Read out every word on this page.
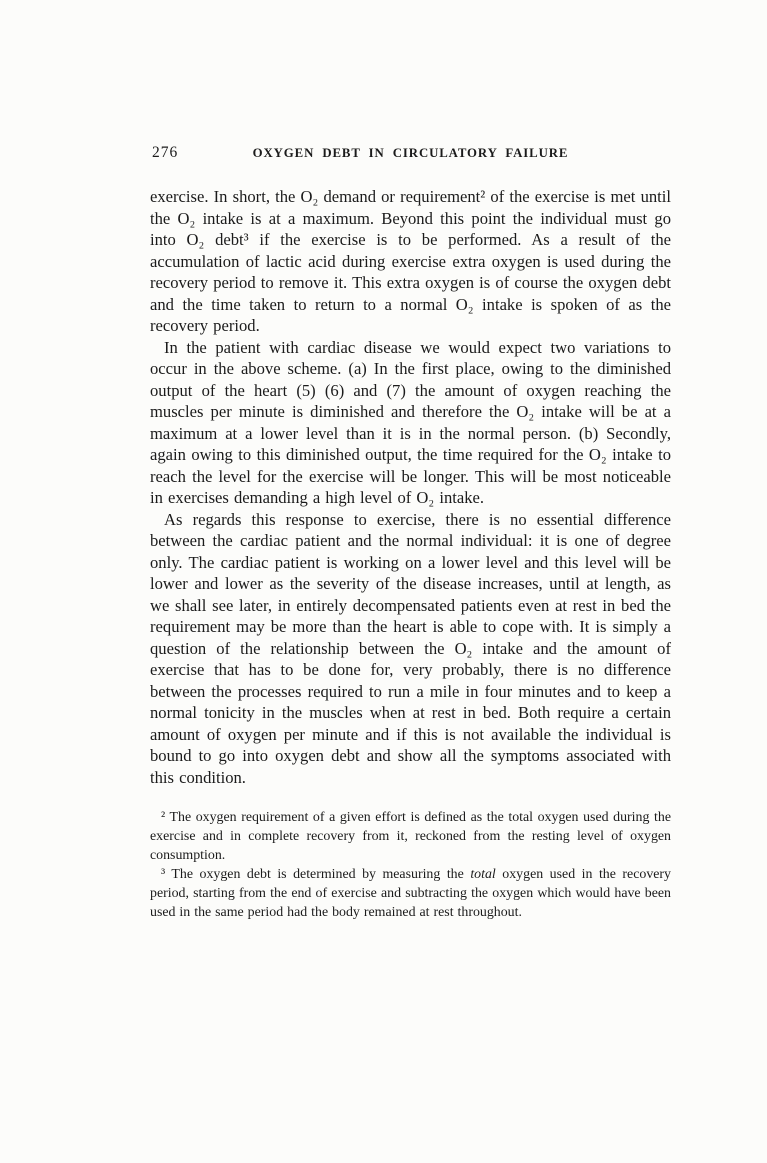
276	OXYGEN DEBT IN CIRCULATORY FAILURE

exercise. In short, the O₂ demand or requirement² of the exercise is met until the O₂ intake is at a maximum. Beyond this point the individual must go into O₂ debt³ if the exercise is to be performed. As a result of the accumulation of lactic acid during exercise extra oxygen is used during the recovery period to remove it. This extra oxygen is of course the oxygen debt and the time taken to return to a normal O₂ intake is spoken of as the recovery period.

In the patient with cardiac disease we would expect two variations to occur in the above scheme. (a) In the first place, owing to the diminished output of the heart (5) (6) and (7) the amount of oxygen reaching the muscles per minute is diminished and therefore the O₂ intake will be at a maximum at a lower level than it is in the normal person. (b) Secondly, again owing to this diminished output, the time required for the O₂ intake to reach the level for the exercise will be longer. This will be most noticeable in exercises demanding a high level of O₂ intake.

As regards this response to exercise, there is no essential difference between the cardiac patient and the normal individual: it is one of degree only. The cardiac patient is working on a lower level and this level will be lower and lower as the severity of the disease increases, until at length, as we shall see later, in entirely decompensated patients even at rest in bed the requirement may be more than the heart is able to cope with. It is simply a question of the relationship between the O₂ intake and the amount of exercise that has to be done for, very probably, there is no difference between the processes required to run a mile in four minutes and to keep a normal tonicity in the muscles when at rest in bed. Both require a certain amount of oxygen per minute and if this is not available the individual is bound to go into oxygen debt and show all the symptoms associated with this condition.

² The oxygen requirement of a given effort is defined as the total oxygen used during the exercise and in complete recovery from it, reckoned from the resting level of oxygen consumption.

³ The oxygen debt is determined by measuring the total oxygen used in the recovery period, starting from the end of exercise and subtracting the oxygen which would have been used in the same period had the body remained at rest throughout.
